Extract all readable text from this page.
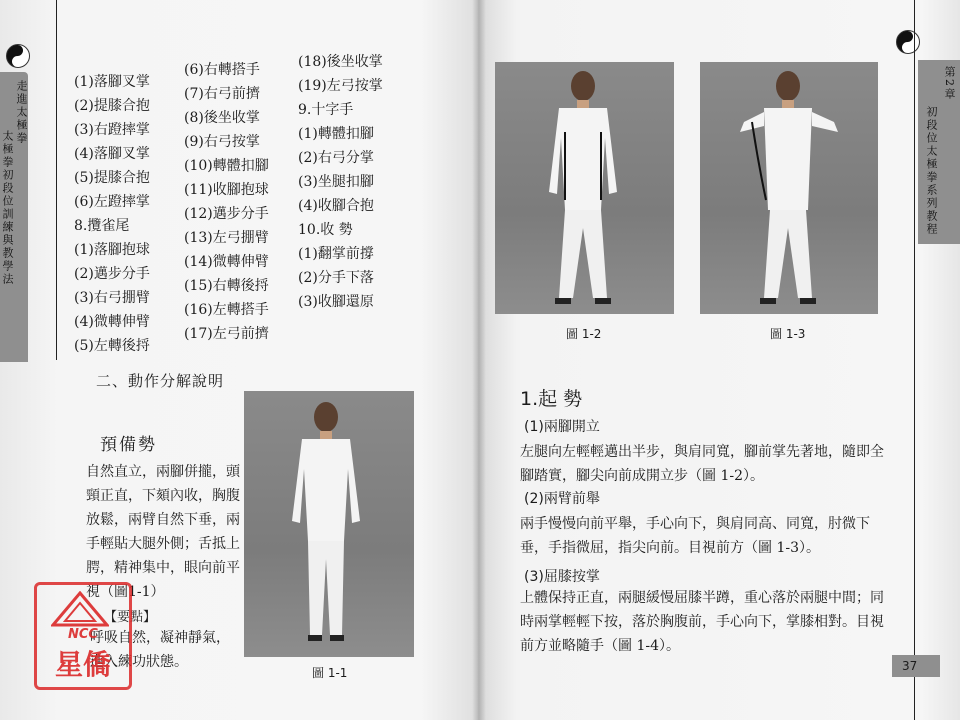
走進太極拳
太極拳初段位訓練與教學法
(1)落腳叉掌
(2)提膝合抱
(3)右蹬摔掌
(4)落腳叉掌
(5)提膝合抱
(6)左蹬摔掌
8.攬雀尾
(1)落腳抱球
(2)邁步分手
(3)右弓掤臂
(4)微轉伸臂
(5)左轉後捋
(6)右轉搭手
(7)右弓前擠
(8)後坐收掌
(9)右弓按掌
(10)轉體扣腳
(11)收腳抱球
(12)邁步分手
(13)左弓掤臂
(14)微轉伸臂
(15)右轉後捋
(16)左轉搭手
(17)左弓前擠
(18)後坐收掌
(19)左弓按掌
9.十字手
(1)轉體扣腳
(2)右弓分掌
(3)坐腿扣腳
(4)收腳合抱
10.收 勢
(1)翻掌前撐
(2)分手下落
(3)收腳還原
二、動作分解說明
預備勢
自然直立，兩腳併攏，頭頸正直，下頦內收，胸腹放鬆，兩臂自然下垂，兩手輕貼大腿外側；舌抵上腭，精神集中，眼向前平視（圖1-1）
【要點】
呼吸自然，凝神靜氣，進入練功狀態。
圖 1-1
NCC
星僑
第2章
初段位太極拳系列教程
圖 1-2	圖 1-3
1.起 勢
(1)兩腳開立
左腿向左輕輕邁出半步，與肩同寬，腳前掌先著地，隨即全腳踏實，腳尖向前成開立步（圖 1-2）。
(2)兩臂前舉
兩手慢慢向前平舉，手心向下，與肩同高、同寬，肘微下垂，手指微屈，指尖向前。目視前方（圖 1-3）。
(3)屈膝按掌
上體保持正直，兩腿緩慢屈膝半蹲，重心落於兩腿中間；同時兩掌輕輕下按，落於胸腹前，手心向下，掌膝相對。目視前方並略隨手（圖 1-4）。
37
